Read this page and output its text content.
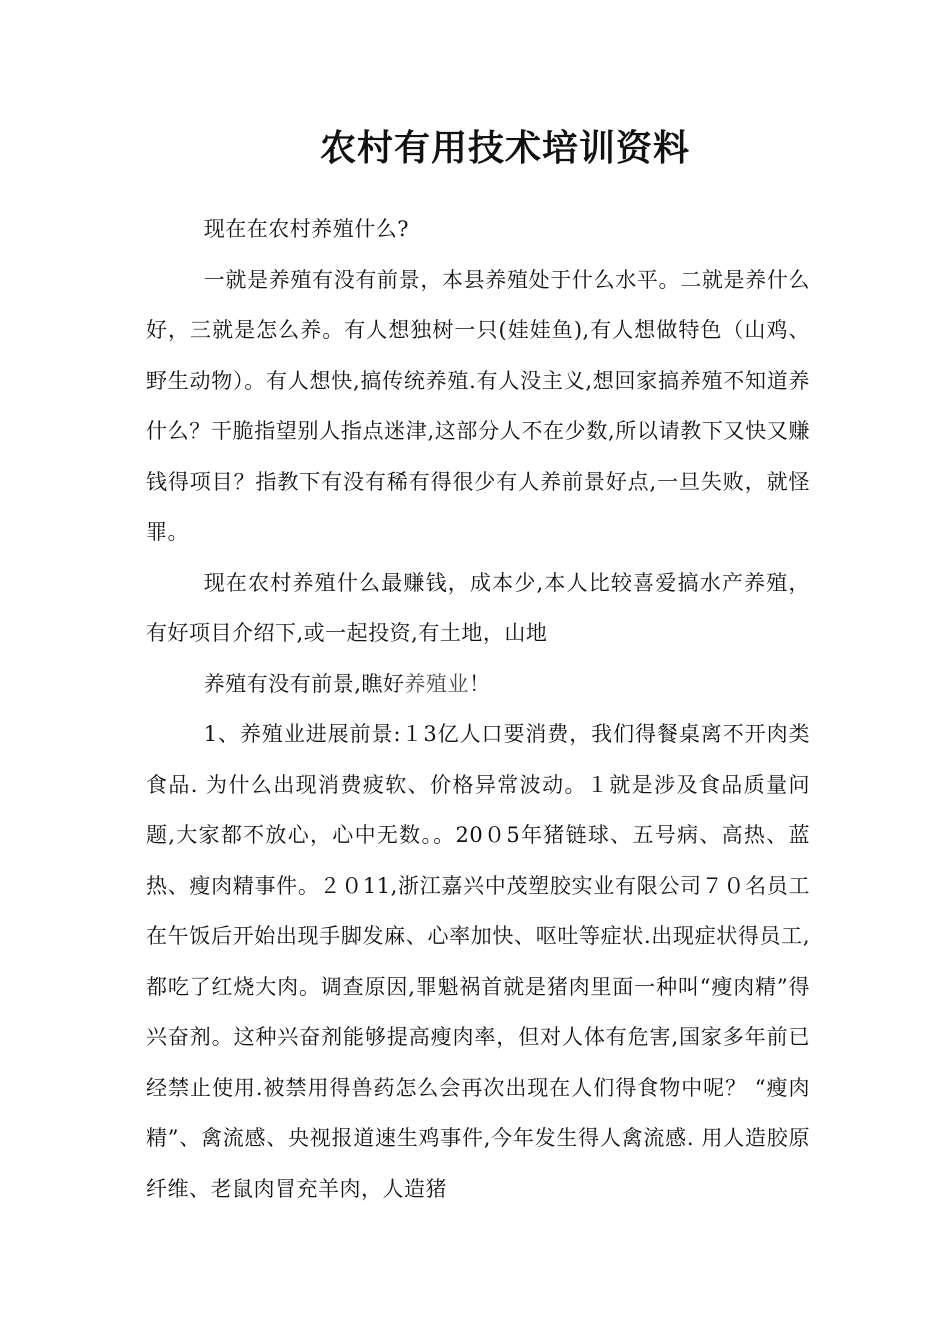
农村有用技术培训资料

现在在农村养殖什么?

一就是养殖有没有前景，本县养殖处于什么水平。二就是养什么好，三就是怎么养。有人想独树一只(娃娃鱼),有人想做特色（山鸡、野生动物）。有人想快,搞传统养殖.有人没主义,想回家搞养殖不知道养什么？干脆指望别人指点迷津,这部分人不在少数,所以请教下又快又赚钱得项目？指教下有没有稀有得很少有人养前景好点,一旦失败，就怪罪。

现在农村养殖什么最赚钱，成本少,本人比较喜爱搞水产养殖，有好项目介绍下,或一起投资,有土地，山地

养殖有没有前景,瞧好养殖业！

1、养殖业进展前景:１3亿人口要消费，我们得餐桌离不开肉类食品. 为什么出现消费疲软、价格异常波动。１就是涉及食品质量问题,大家都不放心，心中无数。。20０5年猪链球、五号病、高热、蓝热、瘦肉精事件。２０11,浙江嘉兴中茂塑胶实业有限公司７０名员工在午饭后开始出现手脚发麻、心率加快、呕吐等症状.出现症状得员工,都吃了红烧大肉。调查原因,罪魁祸首就是猪肉里面一种叫“瘦肉精”得兴奋剂。这种兴奋剂能够提高瘦肉率，但对人体有危害,国家多年前已经禁止使用.被禁用得兽药怎么会再次出现在人们得食物中呢？ “瘦肉精”、禽流感、央视报道速生鸡事件,今年发生得人禽流感. 用人造胶原纤维、老鼠肉冒充羊肉，人造猪
